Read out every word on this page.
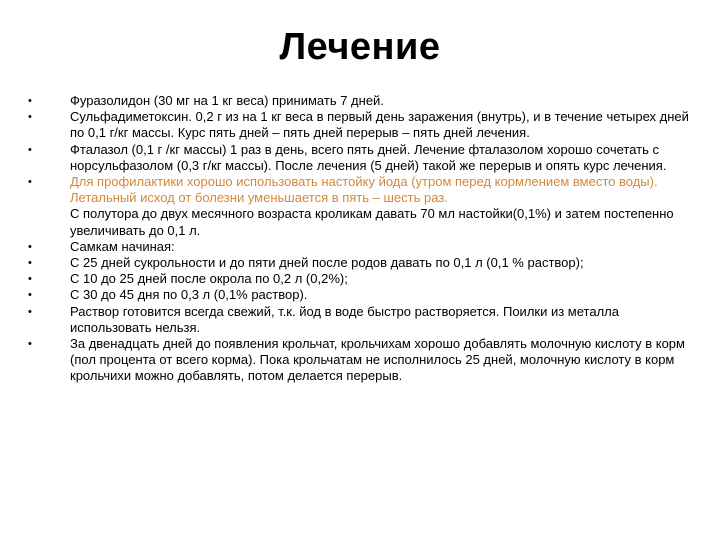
Лечение
•	Фуразолидон (30 мг на 1 кг веса) принимать 7 дней.
•	Сульфадиметоксин. 0,2 г из на 1 кг веса в первый день заражения (внутрь), и в течение четырех дней по 0,1 г/кг массы. Курс пять дней – пять дней перерыв – пять дней лечения.
•	Фталазол (0,1 г /кг массы) 1 раз в день, всего пять дней. Лечение фталазолом хорошо сочетать с норсульфазолом (0,3 г/кг массы). После лечения (5 дней) такой же перерыв и опять курс лечения.
•	Для профилактики хорошо использовать настойку йода (утром перед кормлением вместо воды). Летальный исход от болезни уменьшается в пять – шесть раз.
С полутора до двух месячного возраста кроликам давать 70 мл настойки(0,1%) и затем постепенно увеличивать до 0,1 л.
•	Самкам начиная:
•	С 25 дней сукрольности и до пяти дней после родов давать по 0,1 л (0,1 % раствор);
•	С 10 до 25 дней после окрола по 0,2 л (0,2%);
•	С 30 до 45 дня по 0,3 л (0,1% раствор).
•	Раствор готовится всегда свежий, т.к. йод в воде быстро растворяется. Поилки из металла использовать нельзя.
•	За двенадцать дней до появления крольчат, крольчихам хорошо добавлять молочную кислоту в корм (пол процента от всего корма). Пока крольчатам не исполнилось 25 дней, молочную кислоту в корм крольчихи можно добавлять, потом делается перерыв.
